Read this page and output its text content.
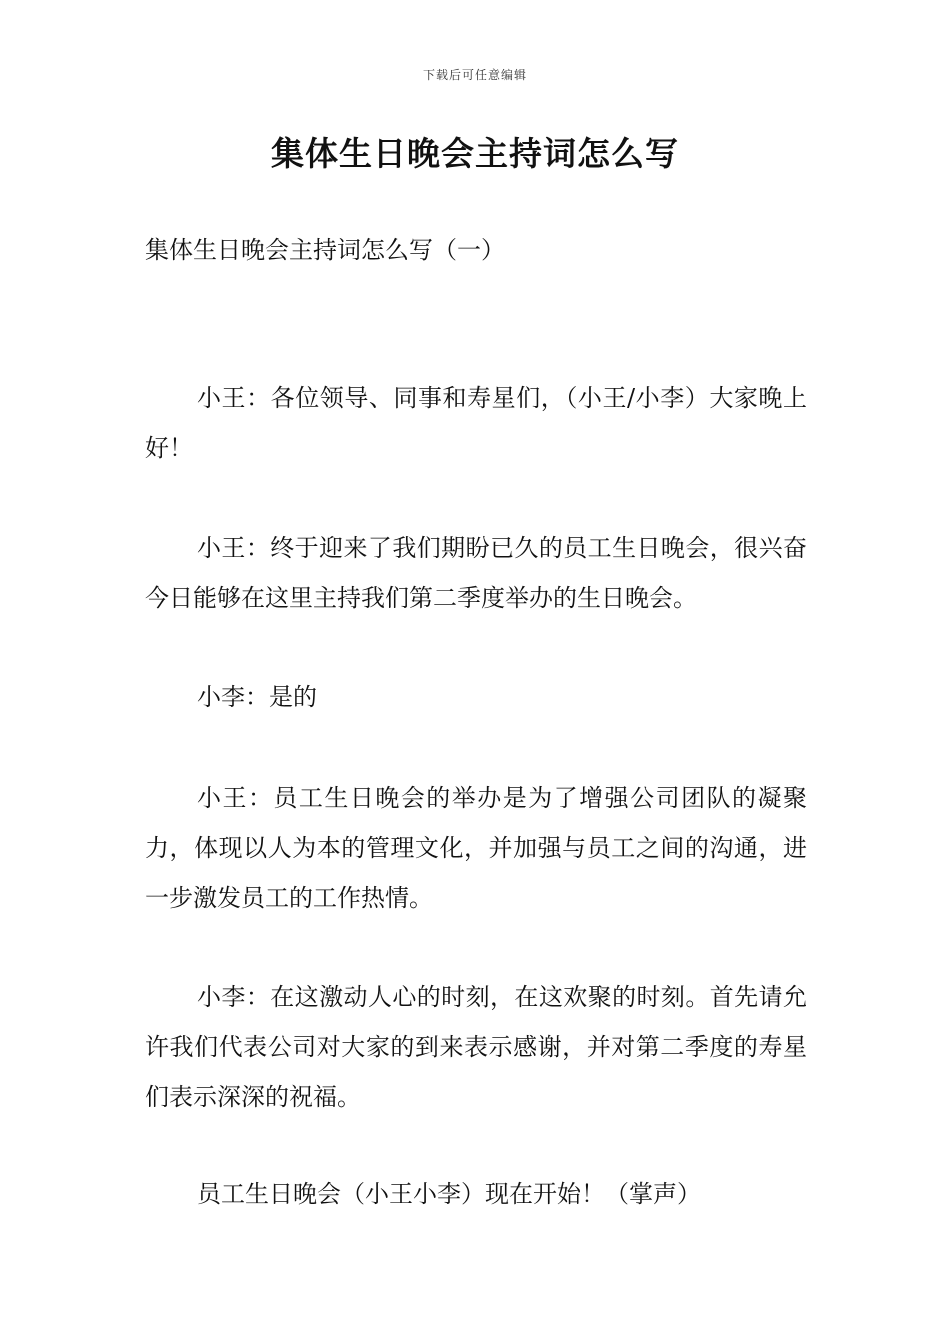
下载后可任意编辑
集体生日晚会主持词怎么写
集体生日晚会主持词怎么写（一）

小王：各位领导、同事和寿星们，（小王/小李）大家晚上好！

小王：终于迎来了我们期盼已久的员工生日晚会，很兴奋今日能够在这里主持我们第二季度举办的生日晚会。

小李：是的

小王：员工生日晚会的举办是为了增强公司团队的凝聚力，体现以人为本的管理文化，并加强与员工之间的沟通，进一步激发员工的工作热情。

小李：在这激动人心的时刻，在这欢聚的时刻。首先请允许我们代表公司对大家的到来表示感谢，并对第二季度的寿星们表示深深的祝福。

员工生日晚会（小王小李）现在开始！（掌声）
